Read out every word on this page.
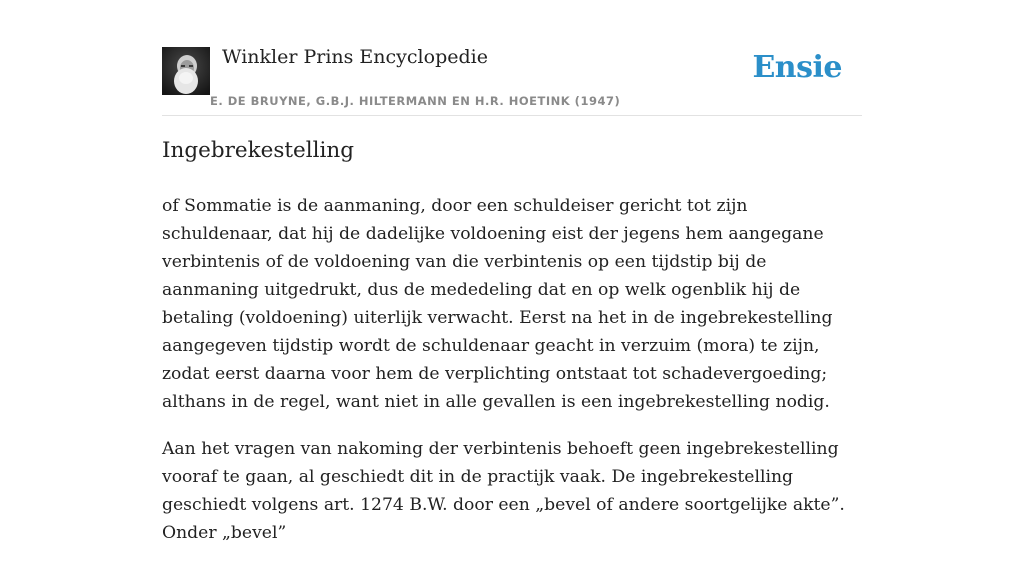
Winkler Prins Encyclopedie
E. DE BRUYNE, G.B.J. HILTERMANN EN H.R. HOETINK (1947)
Ensie
Ingebrekestelling

of Sommatie is de aanmaning, door een schuldeiser gericht tot zijn schuldenaar, dat hij de dadelijke voldoening eist der jegens hem aangegane verbintenis of de voldoening van die verbintenis op een tijdstip bij de aanmaning uitgedrukt, dus de mededeling dat en op welk ogenblik hij de betaling (voldoening) uiterlijk verwacht. Eerst na het in de ingebrekestelling aangegeven tijdstip wordt de schuldenaar geacht in verzuim (mora) te zijn, zodat eerst daarna voor hem de verplichting ontstaat tot schadevergoeding; althans in de regel, want niet in alle gevallen is een ingebrekestelling nodig.

Aan het vragen van nakoming der verbintenis behoeft geen ingebrekestelling vooraf te gaan, al geschiedt dit in de practijk vaak. De ingebrekestelling geschiedt volgens art. 1274 B.W. door een „bevel of andere soortgelijke akte”. Onder „bevel”
